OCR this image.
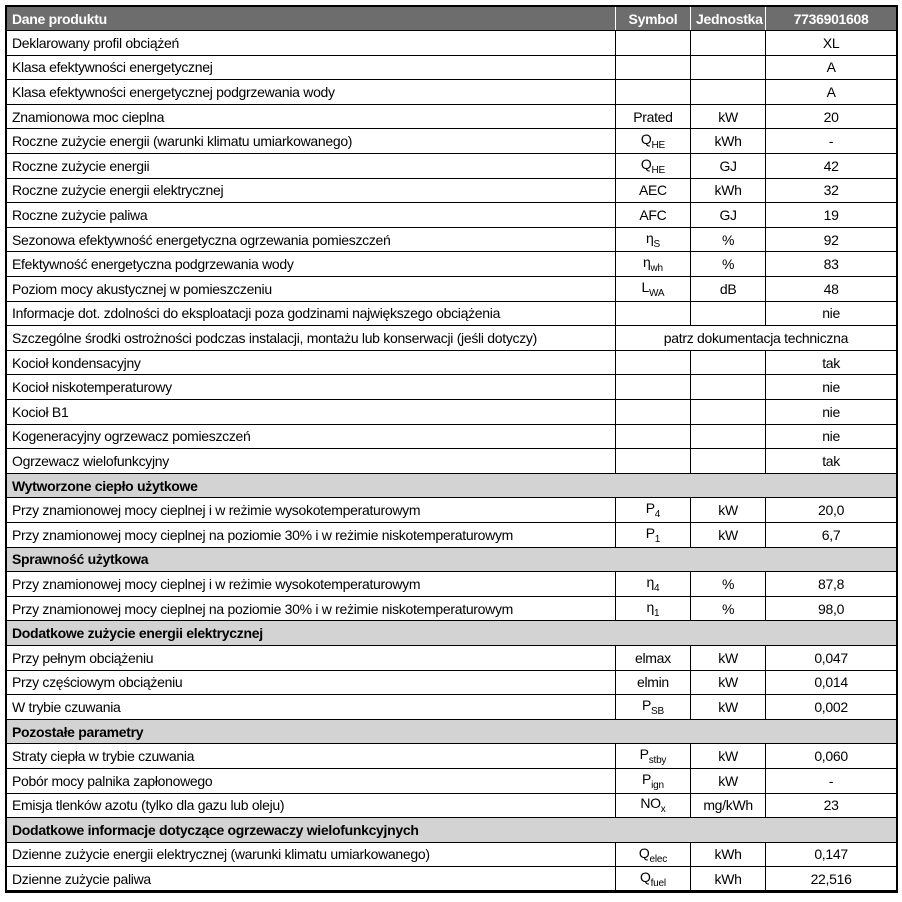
Dane produktu	Symbol	Jednostka	7736901608
Deklarowany profil obciążeń			XL
Klasa efektywności energetycznej			A
Klasa efektywności energetycznej podgrzewania wody			A
Znamionowa moc cieplna	Prated	kW	20
Roczne zużycie energii (warunki klimatu umiarkowanego)	$Q_{HE}$	kWh	-
Roczne zużycie energii	$Q_{HE}$	GJ	42
Roczne zużycie energii elektrycznej	AEC	kWh	32
Roczne zużycie paliwa	AFC	GJ	19
Sezonowa efektywność energetyczna ogrzewania pomieszczeń	$\eta_S$	%	92
Efektywność energetyczna podgrzewania wody	$\eta_{wh}$	%	83
Poziom mocy akustycznej w pomieszczeniu	$L_{WA}$	dB	48
Informacje dot. zdolności do eksploatacji poza godzinami największego obciążenia			nie
Szczególne środki ostrożności podczas instalacji, montażu lub konserwacji (jeśli dotyczy)	patrz dokumentacja techniczna		
Kocioł kondensacyjny			tak
Kocioł niskotemperaturowy			nie
Kocioł B1			nie
Kogeneracyjny ogrzewacz pomieszczeń			nie
Ogrzewacz wielofunkcyjny			tak
Wytworzone ciepło użytkowe			
Przy znamionowej mocy cieplnej i w reżimie wysokotemperaturowym	$P_4$	kW	20,0
Przy znamionowej mocy cieplnej na poziomie 30% i w reżimie niskotemperaturowym	$P_1$	kW	6,7
Sprawność użytkowa			
Przy znamionowej mocy cieplnej i w reżimie wysokotemperaturowym	$\eta_4$	%	87,8
Przy znamionowej mocy cieplnej na poziomie 30% i w reżimie niskotemperaturowym	$\eta_1$	%	98,0
Dodatkowe zużycie energii elektrycznej			
Przy pełnym obciążeniu	elmax	kW	0,047
Przy częściowym obciążeniu	elmin	kW	0,014
W trybie czuwania	$P_{SB}$	kW	0,002
Pozostałe parametry			
Straty ciepła w trybie czuwania	$P_{stby}$	kW	0,060
Pobór mocy palnika zapłonowego	$P_{ign}$	kW	-
Emisja tlenków azotu (tylko dla gazu lub oleju)	$NO_x$	mg/kWh	23
Dodatkowe informacje dotyczące ogrzewaczy wielofunkcyjnych			
Dzienne zużycie energii elektrycznej (warunki klimatu umiarkowanego)	$Q_{elec}$	kWh	0,147
Dzienne zużycie paliwa	$Q_{fuel}$	kWh	22,516
